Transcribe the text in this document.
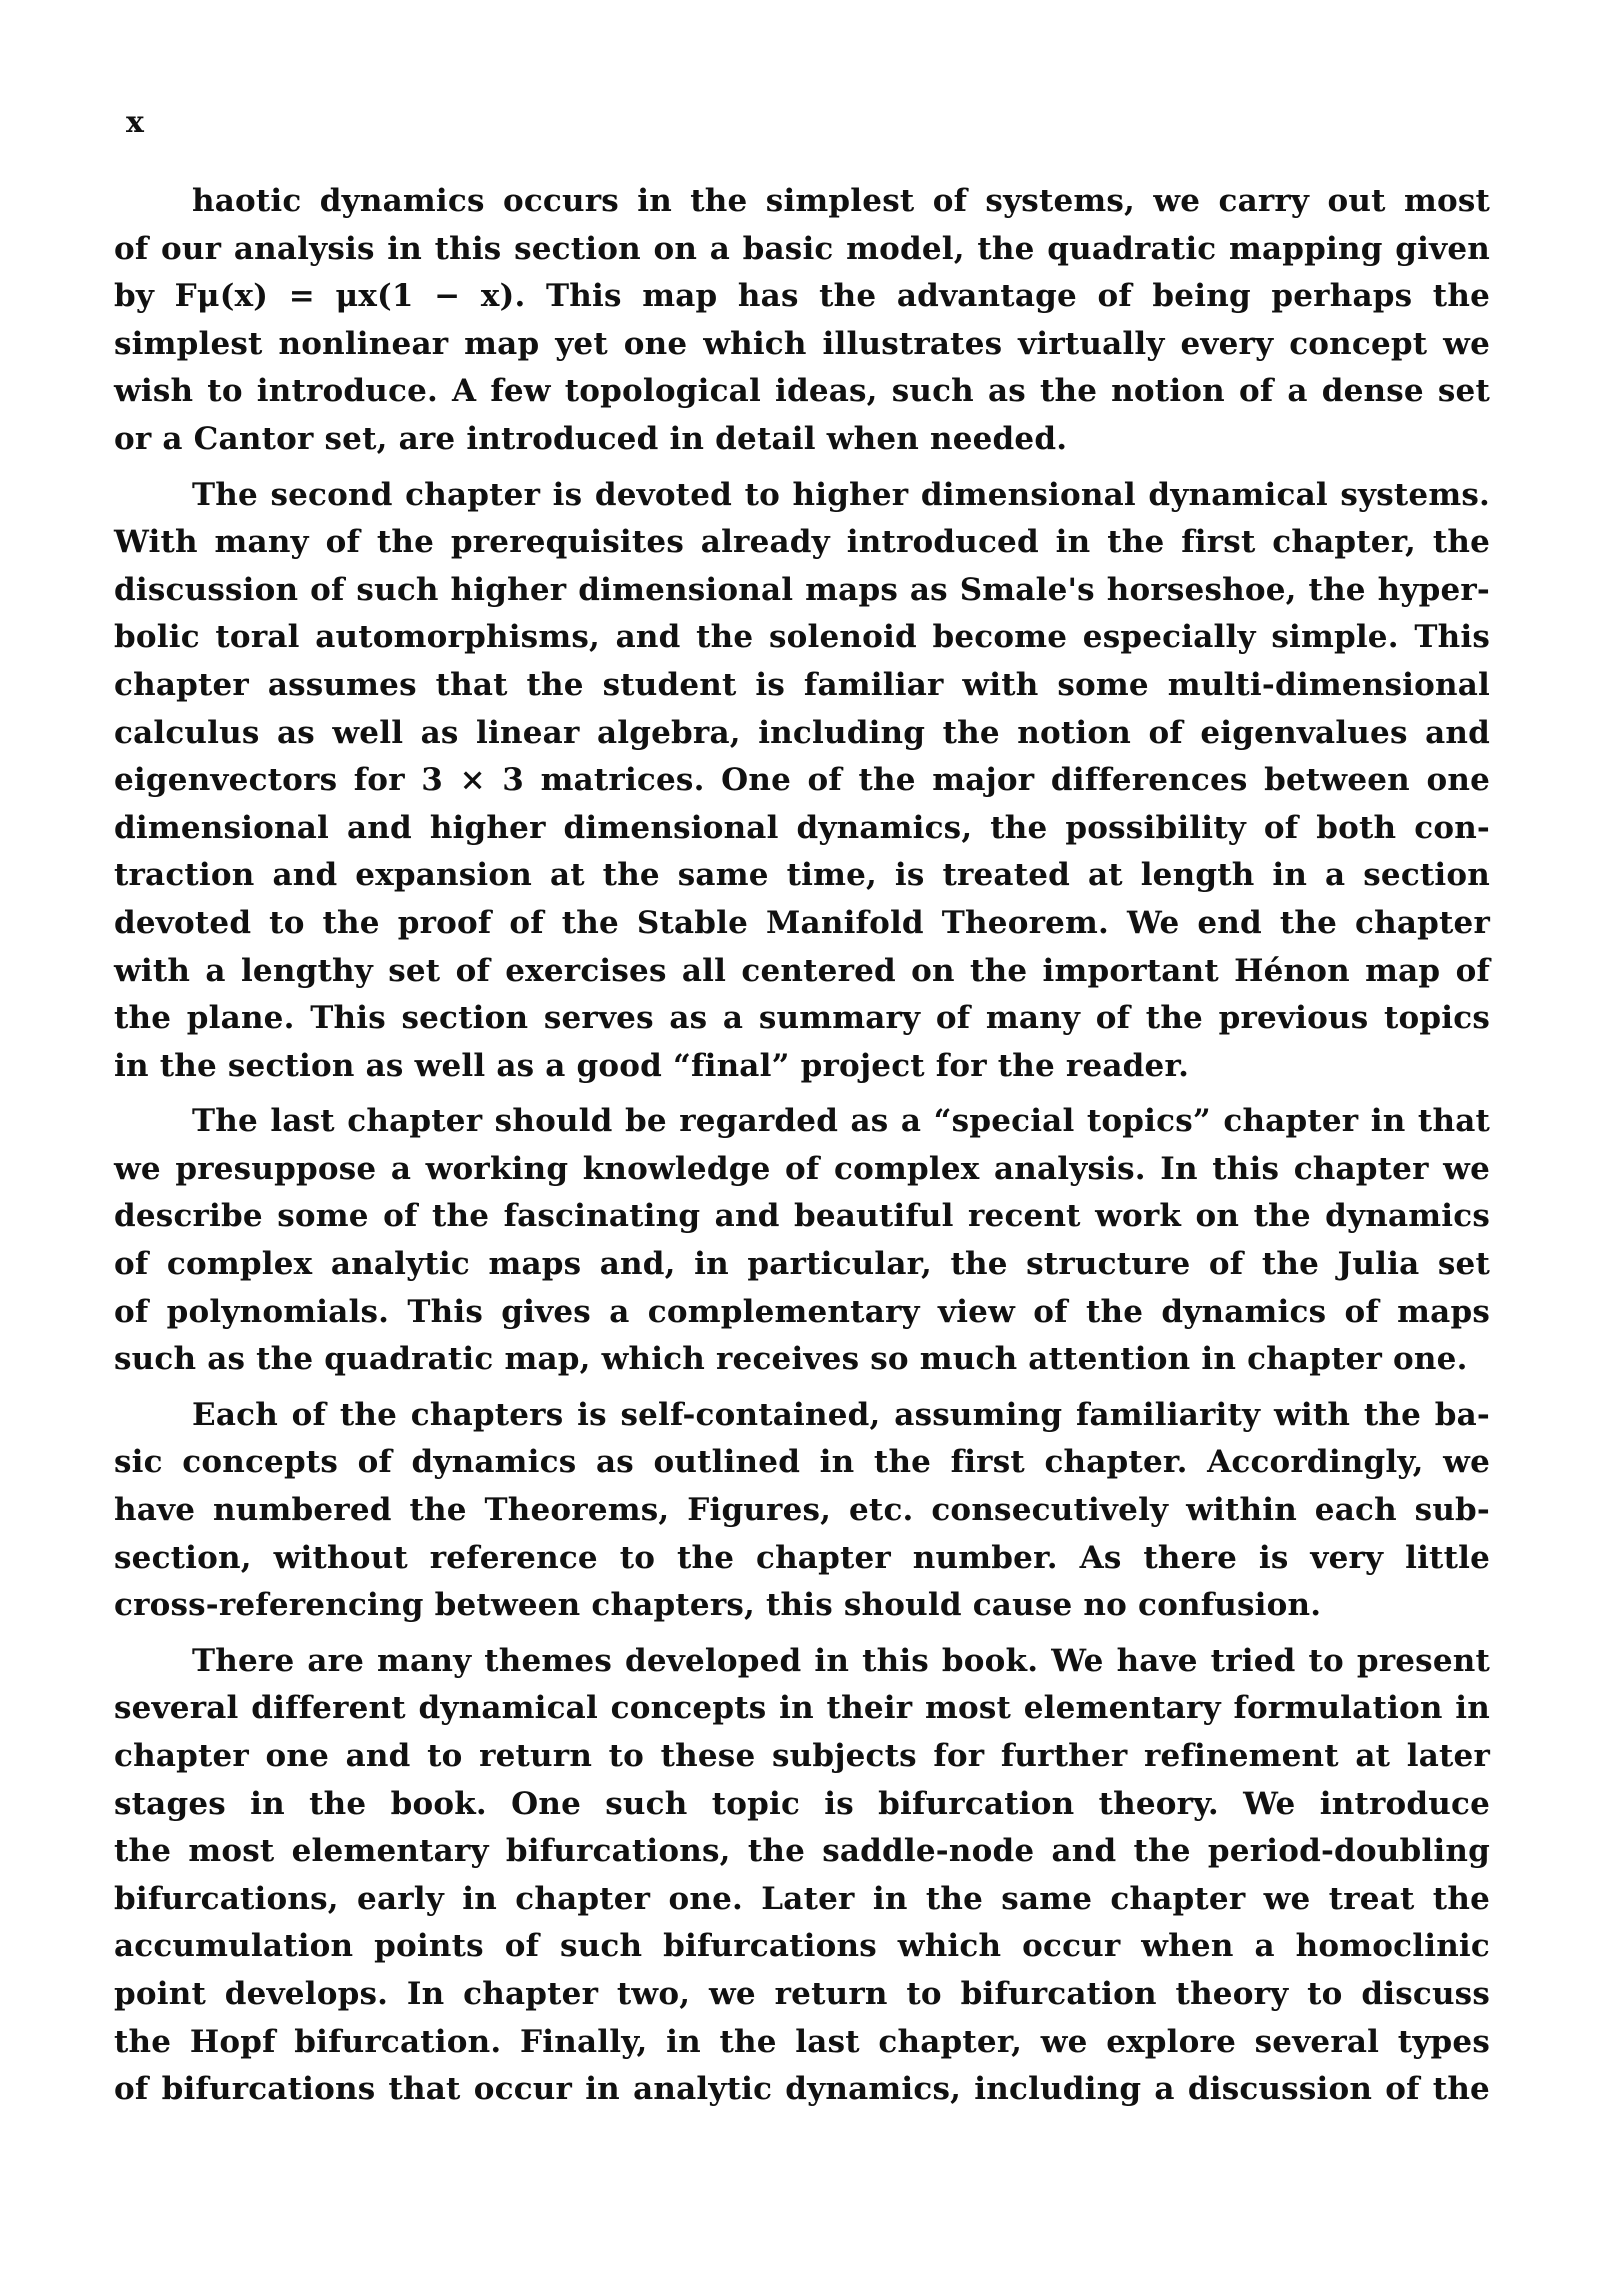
x
haotic dynamics occurs in the simplest of systems, we carry out most
of our analysis in this section on a basic model, the quadratic mapping given
by Fμ(x) = μx(1 − x). This map has the advantage of being perhaps the
simplest nonlinear map yet one which illustrates virtually every concept we
wish to introduce. A few topological ideas, such as the notion of a dense set
or a Cantor set, are introduced in detail when needed.
The second chapter is devoted to higher dimensional dynamical systems.
With many of the prerequisites already introduced in the first chapter, the
discussion of such higher dimensional maps as Smale's horseshoe, the hyper-
bolic toral automorphisms, and the solenoid become especially simple. This
chapter assumes that the student is familiar with some multi-dimensional
calculus as well as linear algebra, including the notion of eigenvalues and
eigenvectors for 3 × 3 matrices. One of the major differences between one
dimensional and higher dimensional dynamics, the possibility of both con-
traction and expansion at the same time, is treated at length in a section
devoted to the proof of the Stable Manifold Theorem. We end the chapter
with a lengthy set of exercises all centered on the important Hénon map of
the plane. This section serves as a summary of many of the previous topics
in the section as well as a good “final” project for the reader.
The last chapter should be regarded as a “special topics” chapter in that
we presuppose a working knowledge of complex analysis. In this chapter we
describe some of the fascinating and beautiful recent work on the dynamics
of complex analytic maps and, in particular, the structure of the Julia set
of polynomials. This gives a complementary view of the dynamics of maps
such as the quadratic map, which receives so much attention in chapter one.
Each of the chapters is self-contained, assuming familiarity with the ba-
sic concepts of dynamics as outlined in the first chapter. Accordingly, we
have numbered the Theorems, Figures, etc. consecutively within each sub-
section, without reference to the chapter number. As there is very little
cross-referencing between chapters, this should cause no confusion.
There are many themes developed in this book. We have tried to present
several different dynamical concepts in their most elementary formulation in
chapter one and to return to these subjects for further refinement at later
stages in the book. One such topic is bifurcation theory. We introduce
the most elementary bifurcations, the saddle-node and the period-doubling
bifurcations, early in chapter one. Later in the same chapter we treat the
accumulation points of such bifurcations which occur when a homoclinic
point develops. In chapter two, we return to bifurcation theory to discuss
the Hopf bifurcation. Finally, in the last chapter, we explore several types
of bifurcations that occur in analytic dynamics, including a discussion of the
